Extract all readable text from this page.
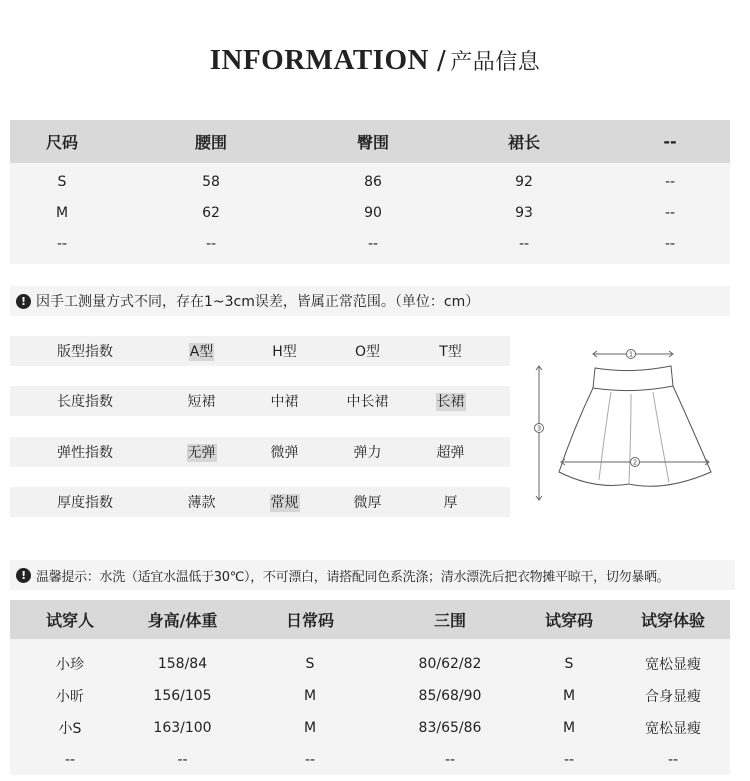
INFORMATION / 产品信息
尺码	腰围	臀围	裙长	--
S	58	86	92	--
M	62	90	93	--
--	--	--	--	--
! 因手工测量方式不同，存在1~3cm误差，皆属正常范围。（单位：cm）
版型指数	A型	H型	O型	T型
长度指数	短裙	中裙	中长裙	长裙
弹性指数	无弹	微弹	弹力	超弹
厚度指数	薄款	常规	微厚	厚
1
2
3
! 温馨提示：水洗（适宜水温低于30℃），不可漂白，请搭配同色系洗涤；清水漂洗后把衣物摊平晾干，切勿暴晒。
试穿人	身高/体重	日常码	三围	试穿码	试穿体验
小珍	158/84	S	80/62/82	S	宽松显瘦
小昕	156/105	M	85/68/90	M	合身显瘦
小S	163/100	M	83/65/86	M	宽松显瘦
--	--	--	--	--	--
